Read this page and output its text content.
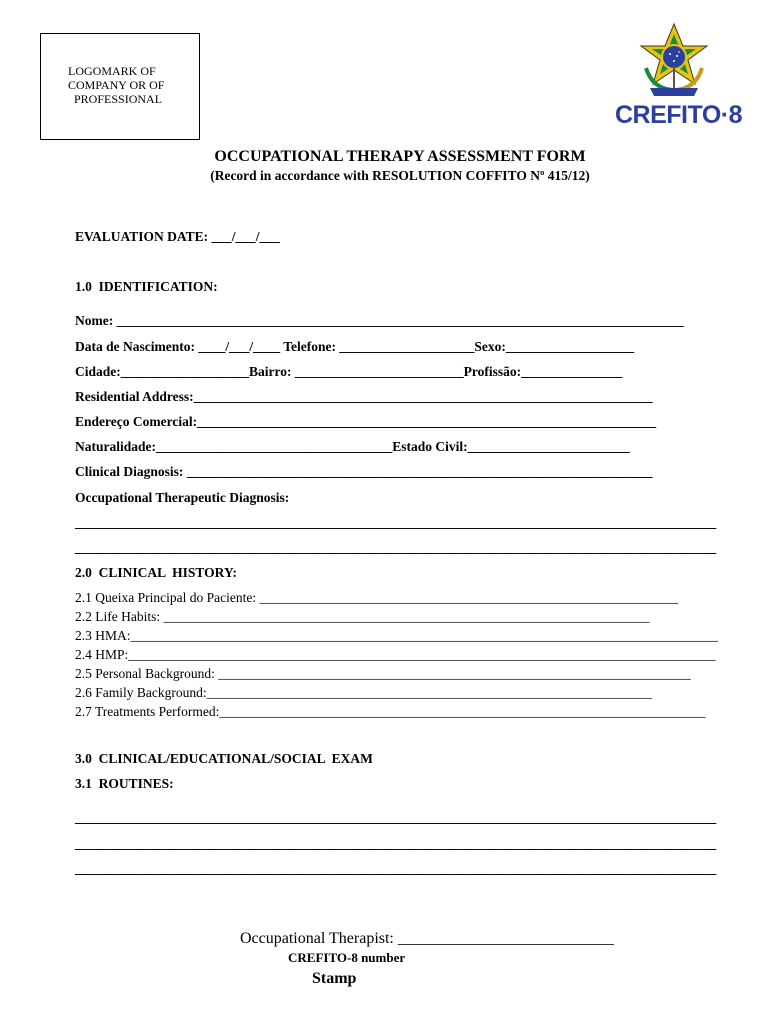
LOGOMARK OF
COMPANY OR OF
PROFESSIONAL
CREFITO·8
OCCUPATIONAL THERAPY ASSESSMENT FORM
(Record in accordance with RESOLUTION COFFITO Nº 415/12)
EVALUATION DATE: ___/___/___
1.0  IDENTIFICATION:
Nome: ____________________________________________________________________________________
Data de Nascimento: ____/___/____ Telefone: ____________________Sexo:___________________
Cidade:___________________Bairro: _________________________Profissão:_______________
Residential Address:____________________________________________________________________
Endereço Comercial:____________________________________________________________________
Naturalidade:___________________________________Estado Civil:________________________
Clinical Diagnosis: _____________________________________________________________________
Occupational Therapeutic Diagnosis:
_______________________________________________________________________________________________
_______________________________________________________________________________________________
2.0  CLINICAL  HISTORY:
2.1 Queixa Principal do Paciente: ______________________________________________________________
2.2 Life Habits: ________________________________________________________________________
2.3 HMA:_______________________________________________________________________________________
2.4 HMP:_______________________________________________________________________________________
2.5 Personal Background: ______________________________________________________________________
2.6 Family Background:__________________________________________________________________
2.7 Treatments Performed:________________________________________________________________________
3.0  CLINICAL/EDUCATIONAL/SOCIAL  EXAM
3.1  ROUTINES:
_______________________________________________________________________________________________
_______________________________________________________________________________________________
_______________________________________________________________________________________________
Occupational Therapist: ___________________________
CREFITO-8 number
Stamp
